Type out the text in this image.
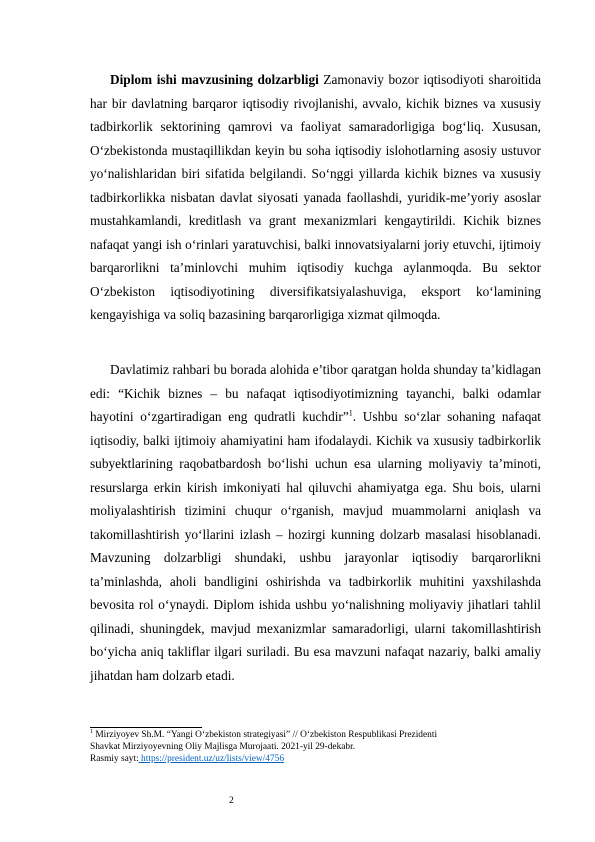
Diplom ishi mavzusining dolzarbligi Zamonaviy bozor iqtisodiyoti sharoitida har bir davlatning barqaror iqtisodiy rivojlanishi, avvalo, kichik biznes va xususiy tadbirkorlik sektorining qamrovi va faoliyat samaradorligiga bog‘liq. Xususan, O‘zbekistonda mustaqillikdan keyin bu soha iqtisodiy islohotlarning asosiy ustuvor yo‘nalishlaridan biri sifatida belgilandi. So‘nggi yillarda kichik biznes va xususiy tadbirkorlikka nisbatan davlat siyosati yanada faollashdi, yuridik-me’yoriy asoslar mustahkamlandi, kreditlash va grant mexanizmlari kengaytirildi. Kichik biznes nafaqat yangi ish o‘rinlari yaratuvchisi, balki innovatsiyalarni joriy etuvchi, ijtimoiy barqarorlikni ta’minlovchi muhim iqtisodiy kuchga aylanmoqda. Bu sektor O‘zbekiston iqtisodiyotining diversifikatsiyalashuviga, eksport ko‘lamining kengayishiga va soliq bazasining barqarorligiga xizmat qilmoqda.

Davlatimiz rahbari bu borada alohida e’tibor qaratgan holda shunday ta’kidlagan edi: “Kichik biznes – bu nafaqat iqtisodiyotimizning tayanchi, balki odamlar hayotini o‘zgartiradigan eng qudratli kuchdir”$^1$. Ushbu so‘zlar sohaning nafaqat iqtisodiy, balki ijtimoiy ahamiyatini ham ifodalaydi. Kichik va xususiy tadbirkorlik subyektlarining raqobatbardosh bo‘lishi uchun esa ularning moliyaviy ta’minoti, resurslarga erkin kirish imkoniyati hal qiluvchi ahamiyatga ega. Shu bois, ularni moliyalashtirish tizimini chuqur o‘rganish, mavjud muammolarni aniqlash va takomillashtirish yo‘llarini izlash – hozirgi kunning dolzarb masalasi hisoblanadi. Mavzuning dolzarbligi shundaki, ushbu jarayonlar iqtisodiy barqarorlikni ta’minlashda, aholi bandligini oshirishda va tadbirkorlik muhitini yaxshilashda bevosita rol o‘ynaydi. Diplom ishida ushbu yo‘nalishning moliyaviy jihatlari tahlil qilinadi, shuningdek, mavjud mexanizmlar samaradorligi, ularni takomillashtirish bo‘yicha aniq takliflar ilgari suriladi. Bu esa mavzuni nafaqat nazariy, balki amaliy jihatdan ham dolzarb etadi.

$^1$ Mirziyoyev Sh.M. “Yangi O‘zbekiston strategiyasi” // O‘zbekiston Respublikasi Prezidenti
Shavkat Mirziyoyevning Oliy Majlisga Murojaati. 2021-yil 29-dekabr.
Rasmiy sayt: https://president.uz/uz/lists/view/4756
2
